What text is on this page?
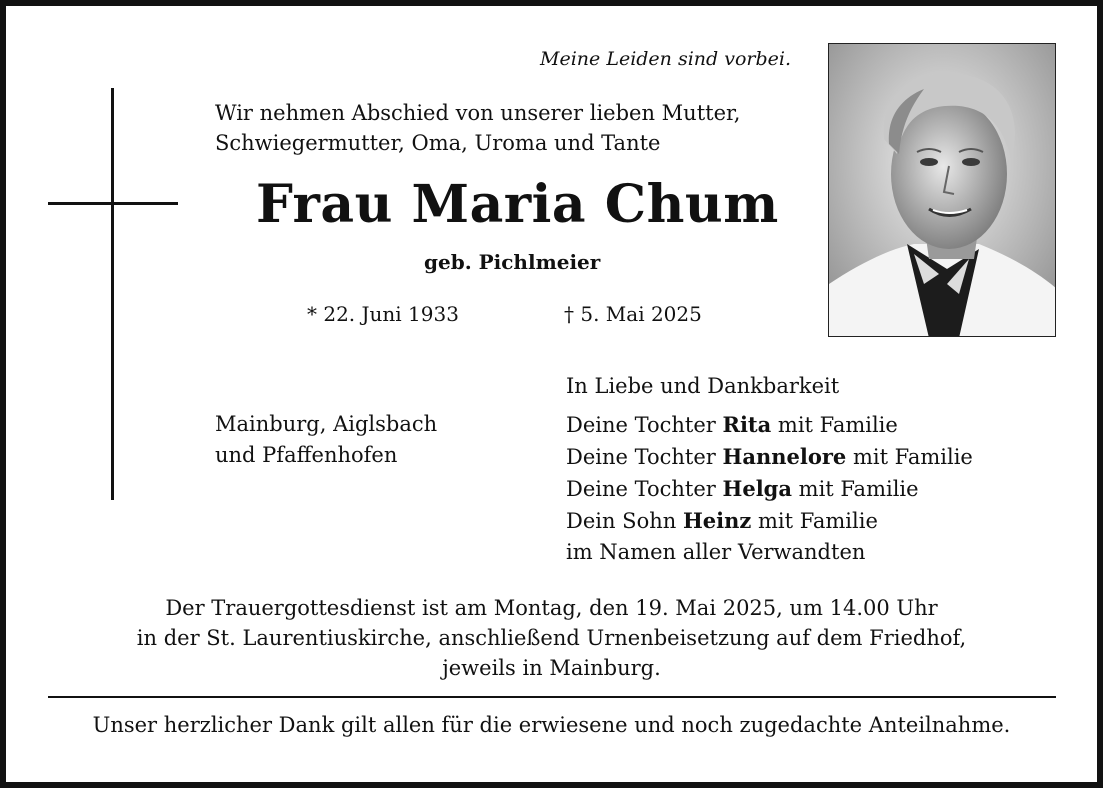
Meine Leiden sind vorbei.
Wir nehmen Abschied von unserer lieben Mutter,
Schwiegermutter, Oma, Uroma und Tante
Frau Maria Chum
geb. Pichlmeier
* 22. Juni 1933	† 5. Mai 2025
Mainburg, Aiglsbach
und Pfaffenhofen
In Liebe und Dankbarkeit
Deine Tochter Rita mit Familie
Deine Tochter Hannelore mit Familie
Deine Tochter Helga mit Familie
Dein Sohn Heinz mit Familie
im Namen aller Verwandten
Der Trauergottesdienst ist am Montag, den 19. Mai 2025, um 14.00 Uhr
in der St. Laurentiuskirche, anschließend Urnenbeisetzung auf dem Friedhof,
jeweils in Mainburg.
Unser herzlicher Dank gilt allen für die erwiesene und noch zugedachte Anteilnahme.
